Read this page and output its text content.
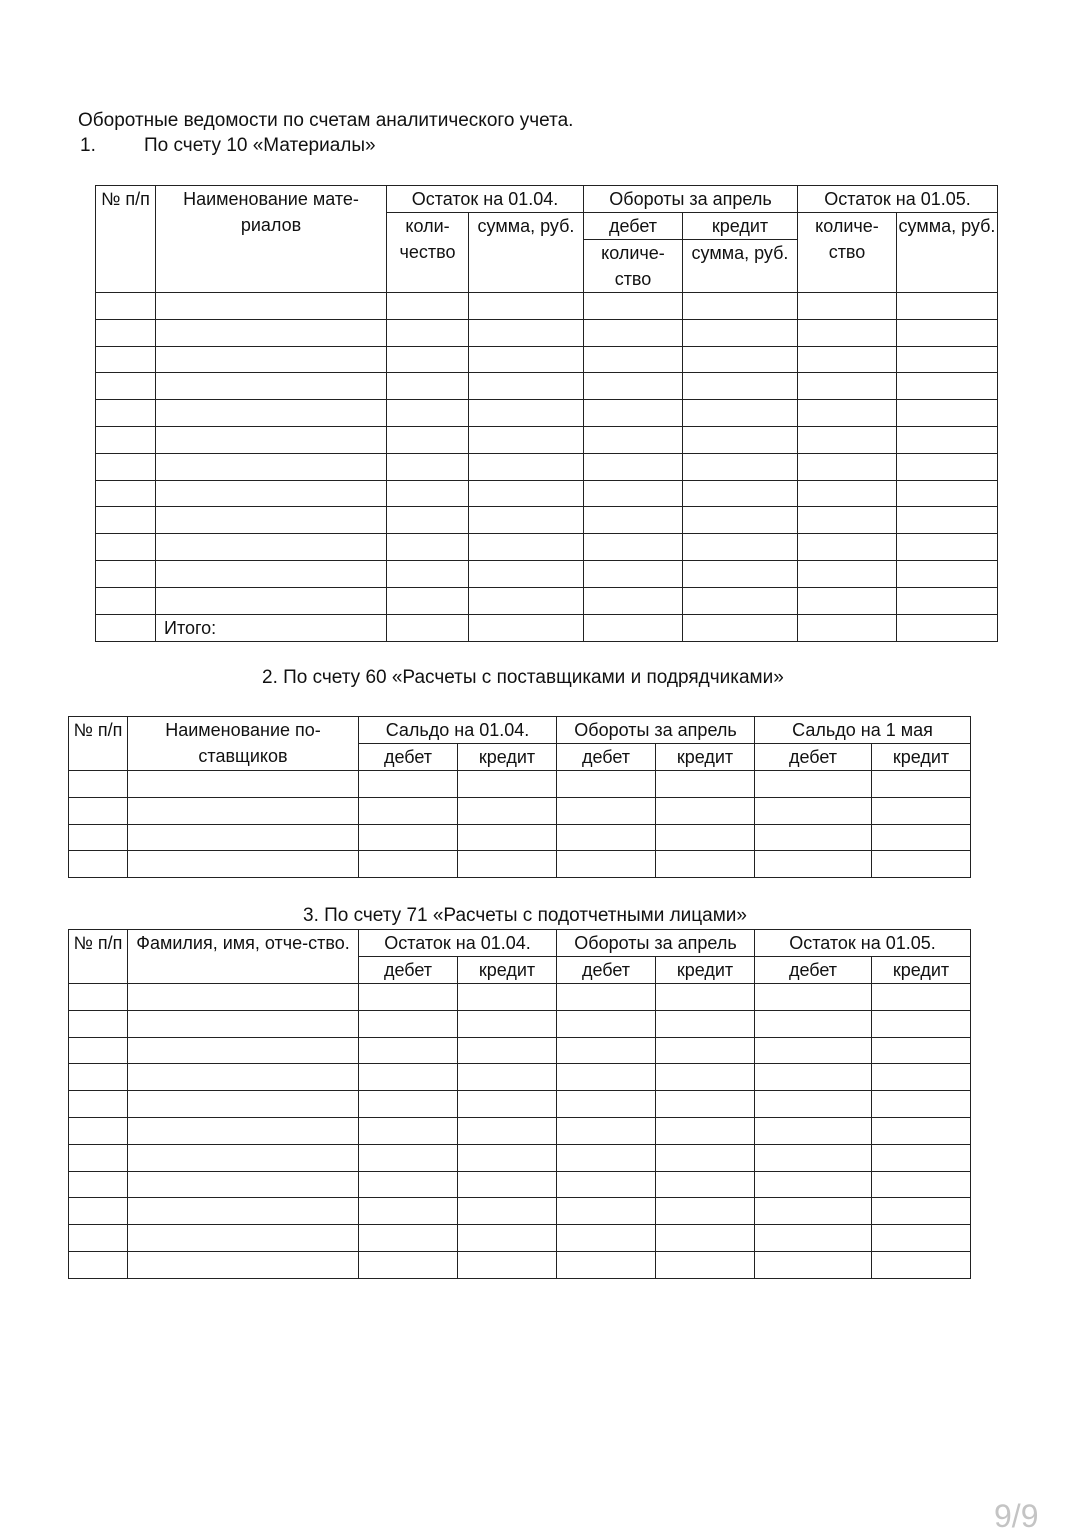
Оборотные ведомости по счетам аналитического учета.
1.	По счету 10 «Материалы»
№ п/п	Наименование мате-риалов	Остаток на 01.04.		Обороты за апрель		Остаток на 01.05.	
		коли-чество	сумма, руб.	дебет	кредит	количе-ство	сумма, руб.
				количе-ство	сумма, руб.		

	Итого:						
2. По счету 60 «Расчеты с поставщиками и подрядчиками»
№ п/п	Наименование по-ставщиков	Сальдо на 01.04.		Обороты за апрель		Сальдо на 1 мая	
		дебет	кредит	дебет	кредит	дебет	кредит

3. По счету 71 «Расчеты с подотчетными лицами»
№ п/п	Фамилия, имя, отче-ство.	Остаток на 01.04.		Обороты за апрель		Остаток на 01.05.	
		дебет	кредит	дебет	кредит	дебет	кредит

9/9
